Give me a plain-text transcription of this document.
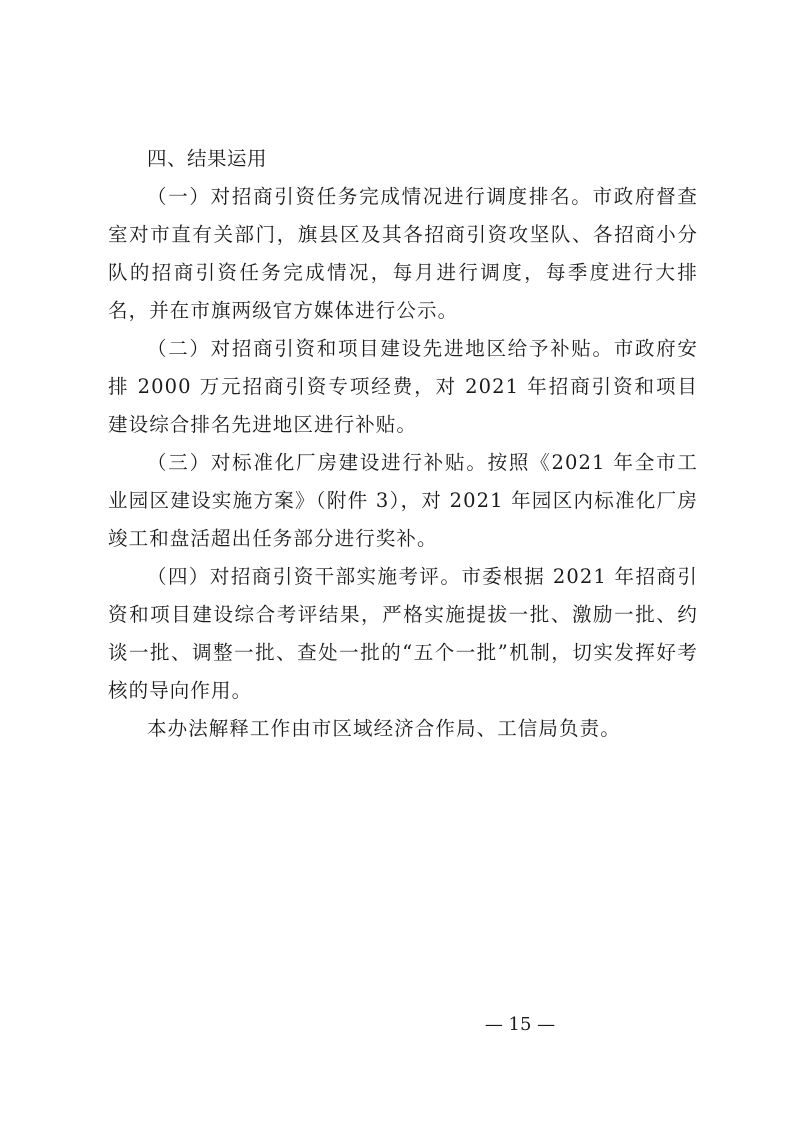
四、结果运用

（一）对招商引资任务完成情况进行调度排名。市政府督查室对市直有关部门，旗县区及其各招商引资攻坚队、各招商小分队的招商引资任务完成情况，每月进行调度，每季度进行大排名，并在市旗两级官方媒体进行公示。

（二）对招商引资和项目建设先进地区给予补贴。市政府安排 2000 万元招商引资专项经费，对 2021 年招商引资和项目建设综合排名先进地区进行补贴。

（三）对标准化厂房建设进行补贴。按照《2021 年全市工业园区建设实施方案》（附件 3），对 2021 年园区内标准化厂房竣工和盘活超出任务部分进行奖补。

（四）对招商引资干部实施考评。市委根据 2021 年招商引资和项目建设综合考评结果，严格实施提拔一批、激励一批、约谈一批、调整一批、查处一批的“五个一批”机制，切实发挥好考核的导向作用。

本办法解释工作由市区域经济合作局、工信局负责。

— 15 —
